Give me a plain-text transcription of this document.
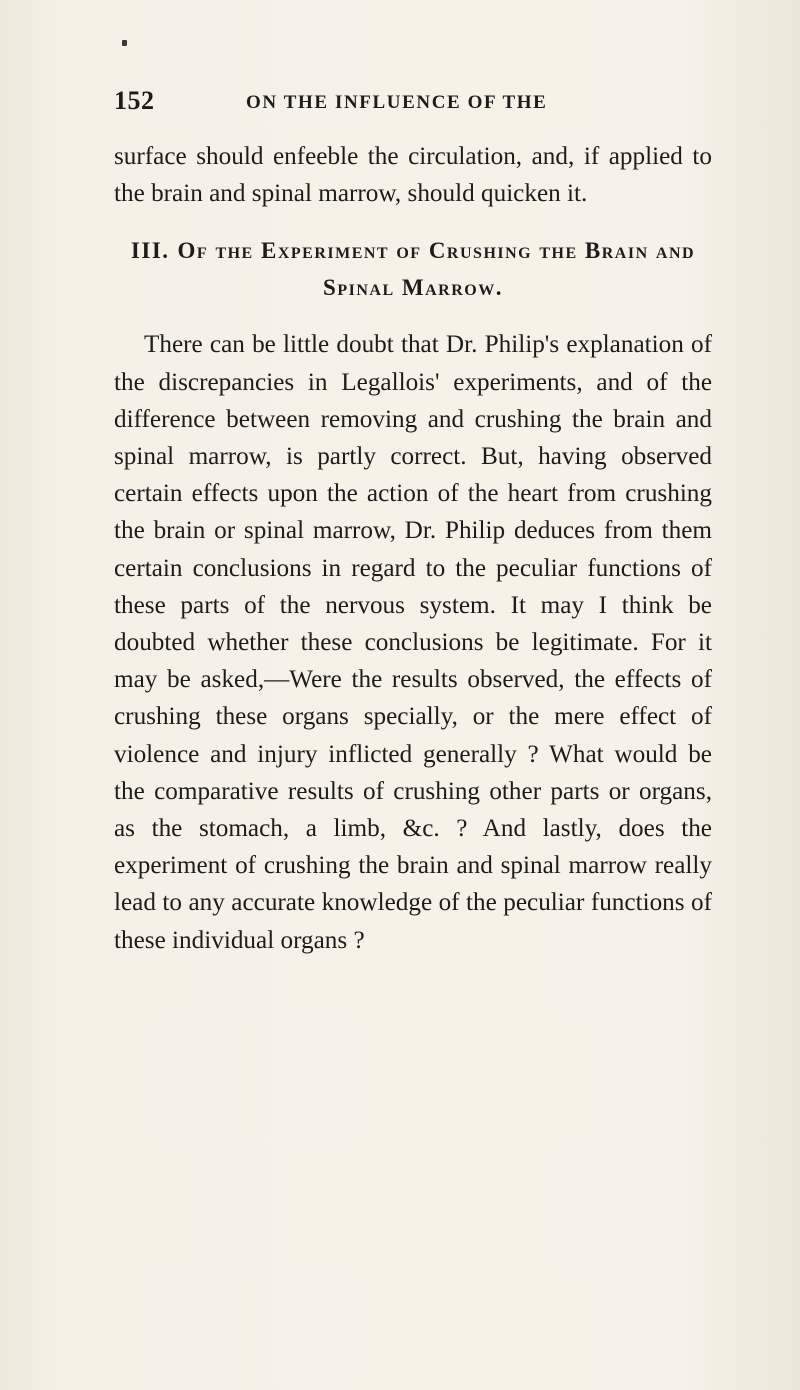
152	ON THE INFLUENCE OF THE

surface should enfeeble the circulation, and, if applied to the brain and spinal marrow, should quicken it.

III. Of the Experiment of Crushing the Brain and Spinal Marrow.

There can be little doubt that Dr. Philip's explanation of the discrepancies in Legallois' experiments, and of the difference between removing and crushing the brain and spinal marrow, is partly correct. But, having observed certain effects upon the action of the heart from crushing the brain or spinal marrow, Dr. Philip deduces from them certain conclusions in regard to the peculiar functions of these parts of the nervous system. It may I think be doubted whether these conclusions be legitimate. For it may be asked,—Were the results observed, the effects of crushing these organs specially, or the mere effect of violence and injury inflicted generally ? What would be the comparative results of crushing other parts or organs, as the stomach, a limb, &c. ? And lastly, does the experiment of crushing the brain and spinal marrow really lead to any accurate knowledge of the peculiar functions of these individual organs ?
